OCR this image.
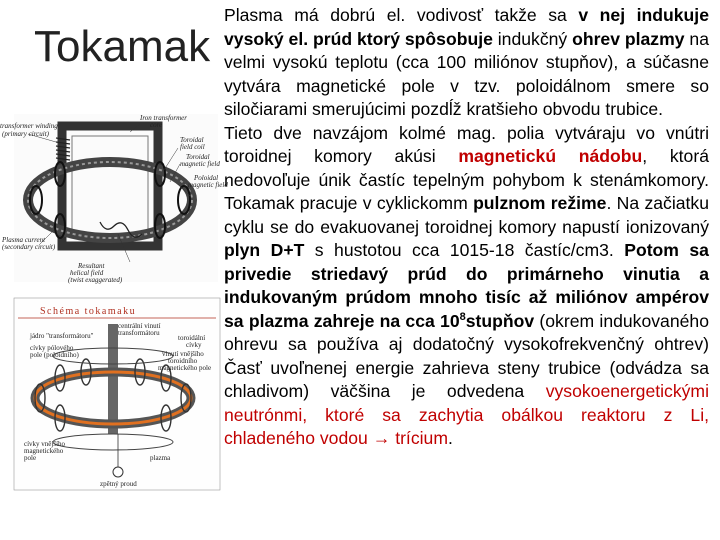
Tokamak
transformer winding
(primary circuit)
Iron transformer
core
Toroidal
field coil
Toroidal
magnetic field
Poloidal
magnetic field
Plasma current
(secondary circuit)
Resultant
helical field
(twist exaggerated)
Schéma tokamaku
centrální vinutí
transformátoru
jádro "transformátoru"
cívky pólového
pole (poloidního)
toroidální
cívky
vinutí vnějšího
toroidního
magnetického pole
plazma
zpětný proud
cívky vnějšího
magnetického
pole

Plasma má dobrú el. vodivosť takže sa v nej indukuje vysoký el. prúd ktorý spôsobuje indukčný ohrev plazmy na velmi vysokú teplotu (cca 100 miliónov stupňov), a súčasne vytvára magnetické pole v tzv. poloidálnom smere so siločiarami smerujúcimi pozdĺž kratšieho obvodu trubice.

Tieto dve navzájom kolmé mag. polia vytváraju vo vnútri toroidnej komory akúsi magnetickú nádobu, ktorá nedovoľuje únik častíc tepelným pohybom k stenámkomory. Tokamak pracuje v cyklickomm pulznom režime. Na začiatku cyklu se do evakuovanej toroidnej komory napustí ionizovaný plyn D+T s hustotou cca 1015-18 častíc/cm3. Potom sa privedie striedavý prúd do primárneho vinutia a indukovaným prúdom mnoho tisíc až miliónov ampérov sa plazma zahreje na cca $10^8stupňov$ (okrem indukovaného ohrevu sa používa aj dodatočný vysokofrekvenčný ohtrev) Časť uvoľnenej energie zahrieva steny trubice (odvádza sa chladivom) väčšina je odvedena vysokoenergetickými neutrónmi, ktoré sa zachytia obálkou reaktoru z Li, chladeného vodou → trícium.
